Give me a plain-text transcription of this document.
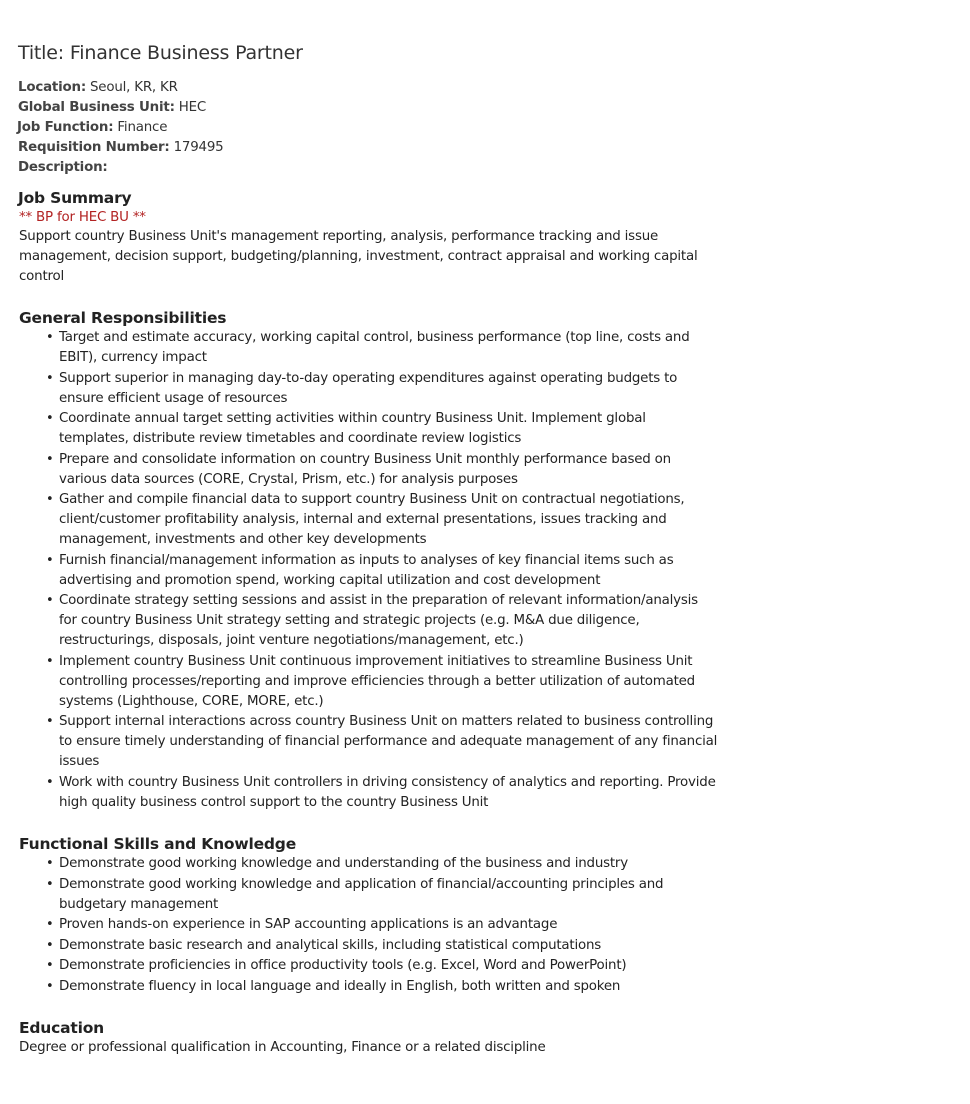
Title: Finance Business Partner
Location: Seoul, KR, KR
Global Business Unit: HEC
Job Function: Finance
Requisition Number: 179495
Description:
Job Summary
** BP for HEC BU **
Support country Business Unit's management reporting, analysis, performance tracking and issue management, decision support, budgeting/planning, investment, contract appraisal and working capital control
General Responsibilities
• Target and estimate accuracy, working capital control, business performance (top line, costs and EBIT), currency impact
• Support superior in managing day-to-day operating expenditures against operating budgets to ensure efficient usage of resources
• Coordinate annual target setting activities within country Business Unit. Implement global templates, distribute review timetables and coordinate review logistics
• Prepare and consolidate information on country Business Unit monthly performance based on various data sources (CORE, Crystal, Prism, etc.) for analysis purposes
• Gather and compile financial data to support country Business Unit on contractual negotiations, client/customer profitability analysis, internal and external presentations, issues tracking and management, investments and other key developments
• Furnish financial/management information as inputs to analyses of key financial items such as advertising and promotion spend, working capital utilization and cost development
• Coordinate strategy setting sessions and assist in the preparation of relevant information/analysis for country Business Unit strategy setting and strategic projects (e.g. M&A due diligence, restructurings, disposals, joint venture negotiations/management, etc.)
• Implement country Business Unit continuous improvement initiatives to streamline Business Unit controlling processes/reporting and improve efficiencies through a better utilization of automated systems (Lighthouse, CORE, MORE, etc.)
• Support internal interactions across country Business Unit on matters related to business controlling to ensure timely understanding of financial performance and adequate management of any financial issues
• Work with country Business Unit controllers in driving consistency of analytics and reporting. Provide high quality business control support to the country Business Unit
Functional Skills and Knowledge
• Demonstrate good working knowledge and understanding of the business and industry
• Demonstrate good working knowledge and application of financial/accounting principles and budgetary management
• Proven hands-on experience in SAP accounting applications is an advantage
• Demonstrate basic research and analytical skills, including statistical computations
• Demonstrate proficiencies in office productivity tools (e.g. Excel, Word and PowerPoint)
• Demonstrate fluency in local language and ideally in English, both written and spoken
Education
Degree or professional qualification in Accounting, Finance or a related discipline
